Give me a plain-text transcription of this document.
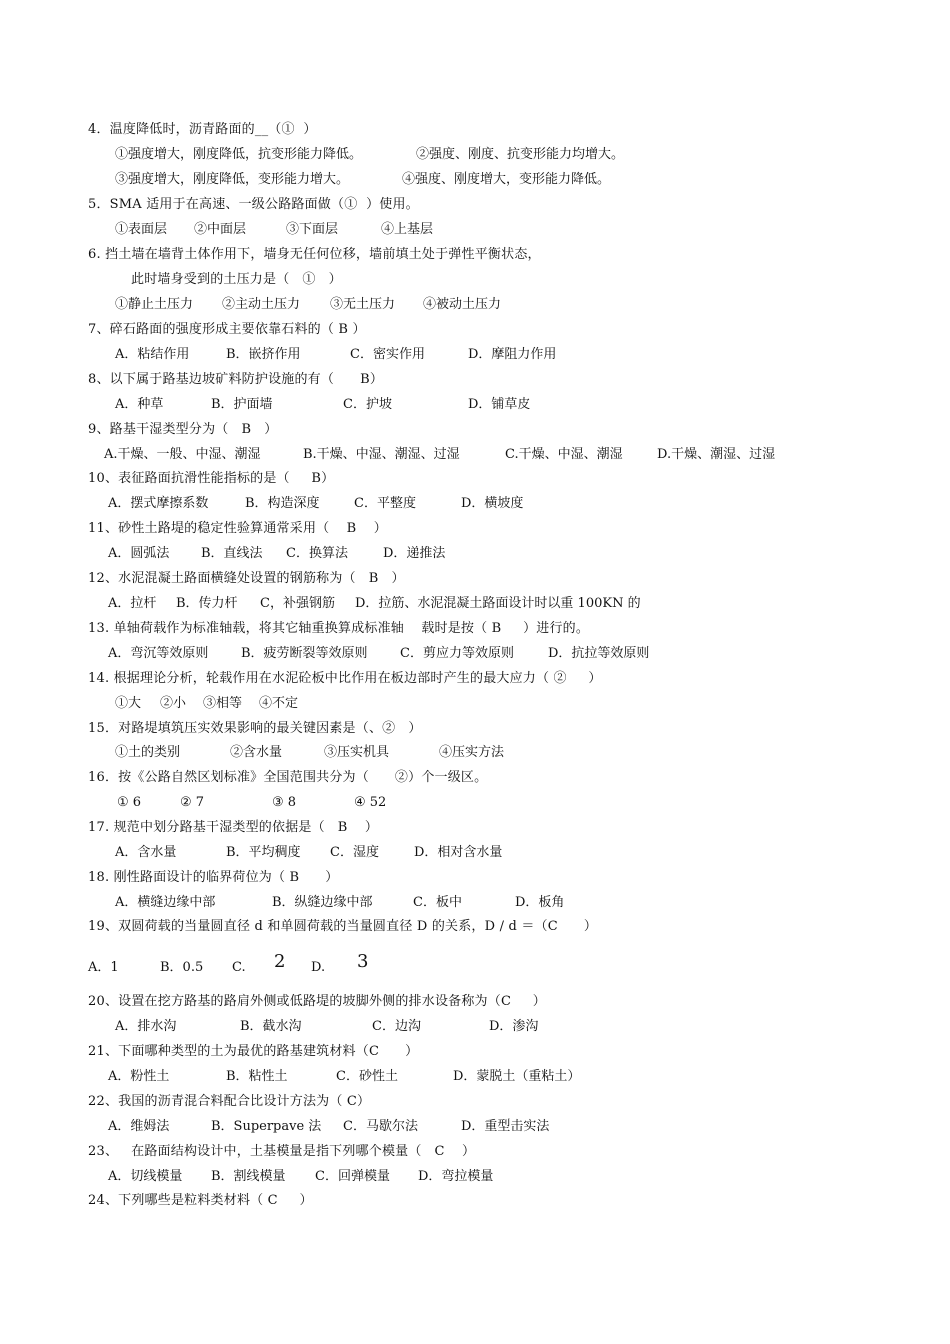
4．温度降低时，沥青路面的__（①  ）
①强度增大，刚度降低，抗变形能力降低。	②强度、刚度、抗变形能力均增大。
③强度增大，刚度降低，变形能力增大。	④强度、刚度增大，变形能力降低。
5．SMA 适用于在高速、一级公路路面做（①  ）使用。
①表面层 ②中面层	③下面层	④上基层
6. 挡土墙在墙背土体作用下，墙身无任何位移，墙前填土处于弹性平衡状态，
此时墙身受到的土压力是（   ①   ）
①静止土压力 ②主动土压力 ③无土压力 ④被动土压力
7、碎石路面的强度形成主要依靠石料的（ B ）
A．粘结作用	B．嵌挤作用	C．密实作用	D．摩阻力作用
8、以下属于路基边坡矿料防护设施的有（      B）
A．种草	B．护面墙	C．护坡	D．铺草皮
9、路基干湿类型分为（   B   ）
A.干燥、一般、中湿、潮湿	B.干燥、中湿、潮湿、过湿	C.干燥、中湿、潮湿	D.干燥、潮湿、过湿
10、表征路面抗滑性能指标的是（     B）
A．摆式摩擦系数	B．构造深度	C．平整度	D．横坡度
11、砂性土路堤的稳定性验算通常采用（    B    ）
A．圆弧法 B．直线法 C．换算法	D．递推法
12、水泥混凝土路面横缝处设置的钢筋称为（   B   ）
A．拉杆 B．传力杆 C，补强钢筋 D．拉筋、水泥混凝土路面设计时以重 100KN 的
13. 单轴荷载作为标准轴载，将其它轴重换算成标准轴    载时是按（ B     ）进行的。
A．弯沉等效原则	B．疲劳断裂等效原则 C．剪应力等效原则	D．抗拉等效原则
14. 根据理论分析，轮载作用在水泥砼板中比作用在板边部时产生的最大应力（ ②     ）
①大 ②小 ③相等 ④不定
15．对路堤填筑压实效果影响的最关键因素是（、②   ）
①土的类别	②含水量	③压实机具	④压实方法
16．按《公路自然区划标准》全国范围共分为（      ②）个一级区。
① 6	② 7	③ 8	④ 52
17. 规范中划分路基干湿类型的依据是（   B    ）
A．含水量	B．平均稠度 C．湿度	D．相对含水量
18. 刚性路面设计的临界荷位为（ B      ）
A．横缝边缘中部	B．纵缝边缘中部	C．板中	D．板角
19、双圆荷载的当量圆直径 d 和单圆荷载的当量圆直径 D 的关系，D / d ＝（C      ）
A．1	B．0.5 C. 2 D. 3
20、设置在挖方路基的路肩外侧或低路堤的坡脚外侧的排水设备称为（C     ）
A．排水沟	B．截水沟	C．边沟	D．渗沟
21、下面哪种类型的土为最优的路基建筑材料（C      ）
A．粉性土	B．粘性土	C．砂性土	D．蒙脱土（重粘土）
22、我国的沥青混合料配合比设计方法为（ C）
A．维姆法	B．Superpave 法 C．马歇尔法	D．重型击实法
23、   在路面结构设计中，土基模量是指下列哪个模量（   C    ）
A．切线模量 B．割线模量 C．回弹模量 D．弯拉模量
24、下列哪些是粒料类材料（ C     ）
